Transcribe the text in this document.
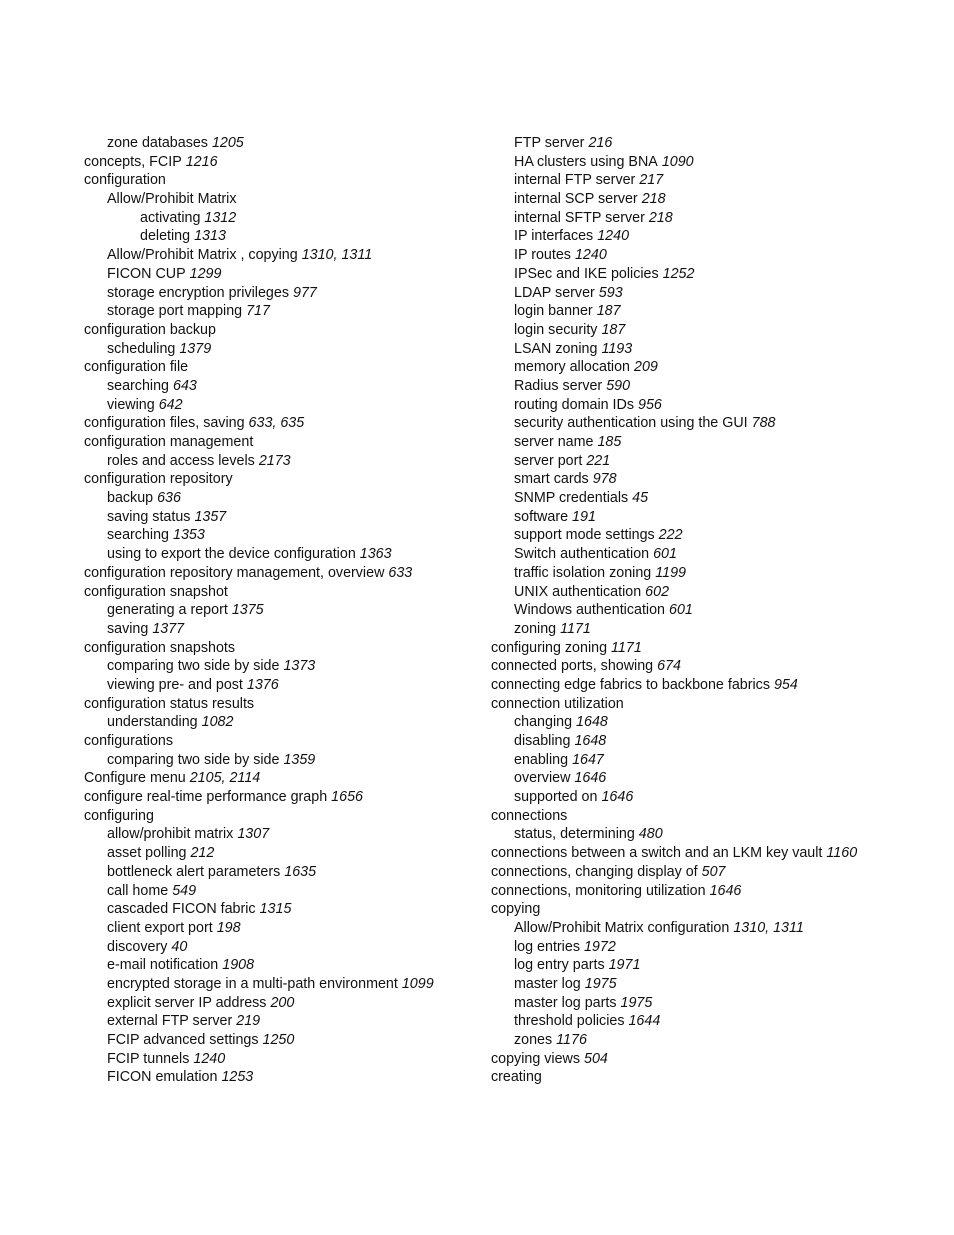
zone databases 1205
concepts, FCIP 1216
configuration
Allow/Prohibit Matrix
activating 1312
deleting 1313
Allow/Prohibit Matrix , copying 1310, 1311
FICON CUP 1299
storage encryption privileges 977
storage port mapping 717
configuration backup
scheduling 1379
configuration file
searching 643
viewing 642
configuration files, saving 633, 635
configuration management
roles and access levels 2173
configuration repository
backup 636
saving status 1357
searching 1353
using to export the device configuration 1363
configuration repository management, overview 633
configuration snapshot
generating a report 1375
saving 1377
configuration snapshots
comparing two side by side 1373
viewing pre- and post 1376
configuration status results
understanding 1082
configurations
comparing two side by side 1359
Configure menu 2105, 2114
configure real-time performance graph 1656
configuring
allow/prohibit matrix 1307
asset polling 212
bottleneck alert parameters 1635
call home 549
cascaded FICON fabric 1315
client export port 198
discovery 40
e-mail notification 1908
encrypted storage in a multi-path environment 1099
explicit server IP address 200
external FTP server 219
FCIP advanced settings 1250
FCIP tunnels 1240
FICON emulation 1253
FTP server 216
HA clusters using BNA 1090
internal FTP server 217
internal SCP server 218
internal SFTP server 218
IP interfaces 1240
IP routes 1240
IPSec and IKE policies 1252
LDAP server 593
login banner 187
login security 187
LSAN zoning 1193
memory allocation 209
Radius server 590
routing domain IDs 956
security authentication using the GUI 788
server name 185
server port 221
smart cards 978
SNMP credentials 45
software 191
support mode settings 222
Switch authentication 601
traffic isolation zoning 1199
UNIX authentication 602
Windows authentication 601
zoning 1171
configuring zoning 1171
connected ports, showing 674
connecting edge fabrics to backbone fabrics 954
connection utilization
changing 1648
disabling 1648
enabling 1647
overview 1646
supported on 1646
connections
status, determining 480
connections between a switch and an LKM key vault 1160
connections, changing display of 507
connections, monitoring utilization 1646
copying
Allow/Prohibit Matrix configuration 1310, 1311
log entries 1972
log entry parts 1971
master log 1975
master log parts 1975
threshold policies 1644
zones 1176
copying views 504
creating
